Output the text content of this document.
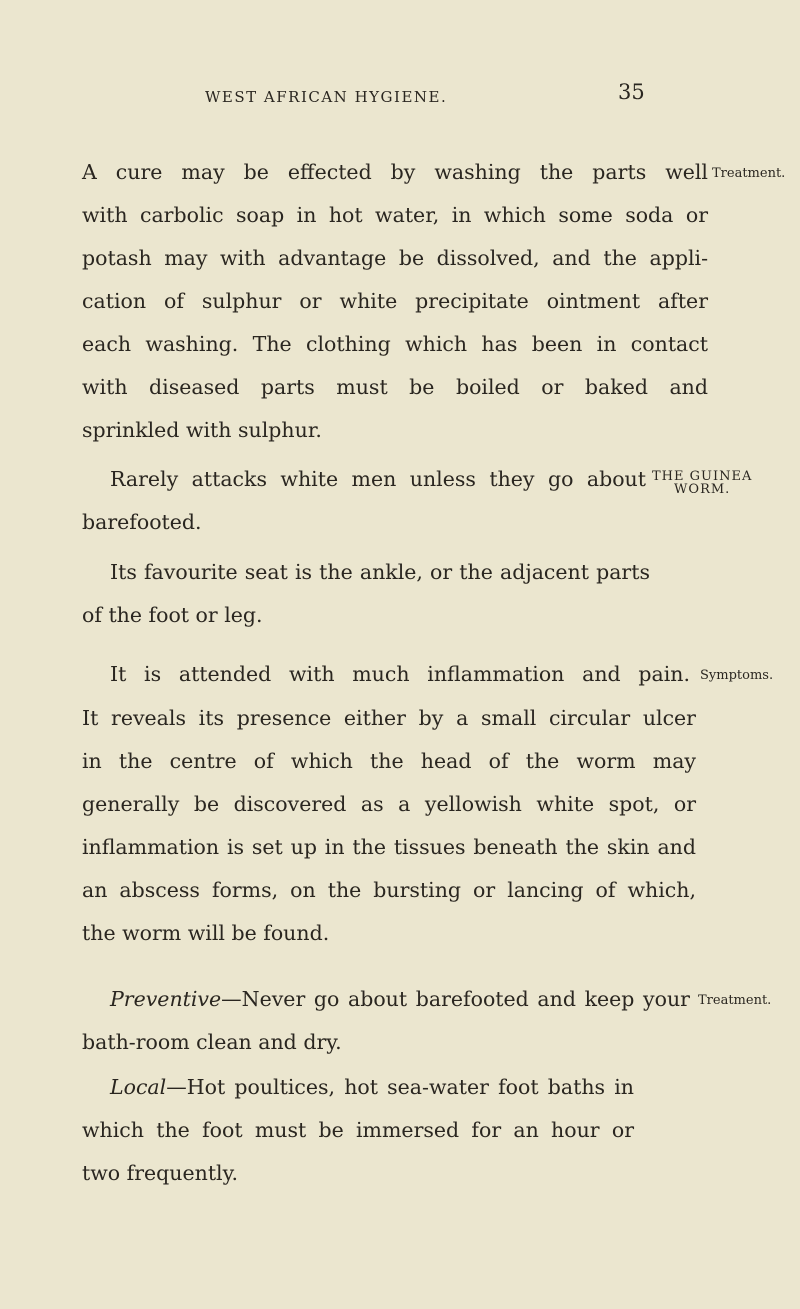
WEST AFRICAN HYGIENE.	35
A cure may be effected by washing the parts well Treatment.
with carbolic soap in hot water, in which some soda or
potash may with advantage be dissolved, and the appli-
cation of sulphur or white precipitate ointment after
each washing. The clothing which has been in contact
with diseased parts must be boiled or baked and
sprinkled with sulphur.
Rarely attacks white men unless they go about THE GUINEA
WORM.
barefooted.
Its favourite seat is the ankle, or the adjacent parts
of the foot or leg.
It is attended with much inflammation and pain. Symptoms.
It reveals its presence either by a small circular ulcer
in the centre of which the head of the worm may
generally be discovered as a yellowish white spot, or
inflammation is set up in the tissues beneath the skin and
an abscess forms, on the bursting or lancing of which,
the worm will be found.
Preventive—Never go about barefooted and keep your Treatment.
bath-room clean and dry.
Local—Hot poultices, hot sea-water foot baths in
which the foot must be immersed for an hour or
two frequently.
